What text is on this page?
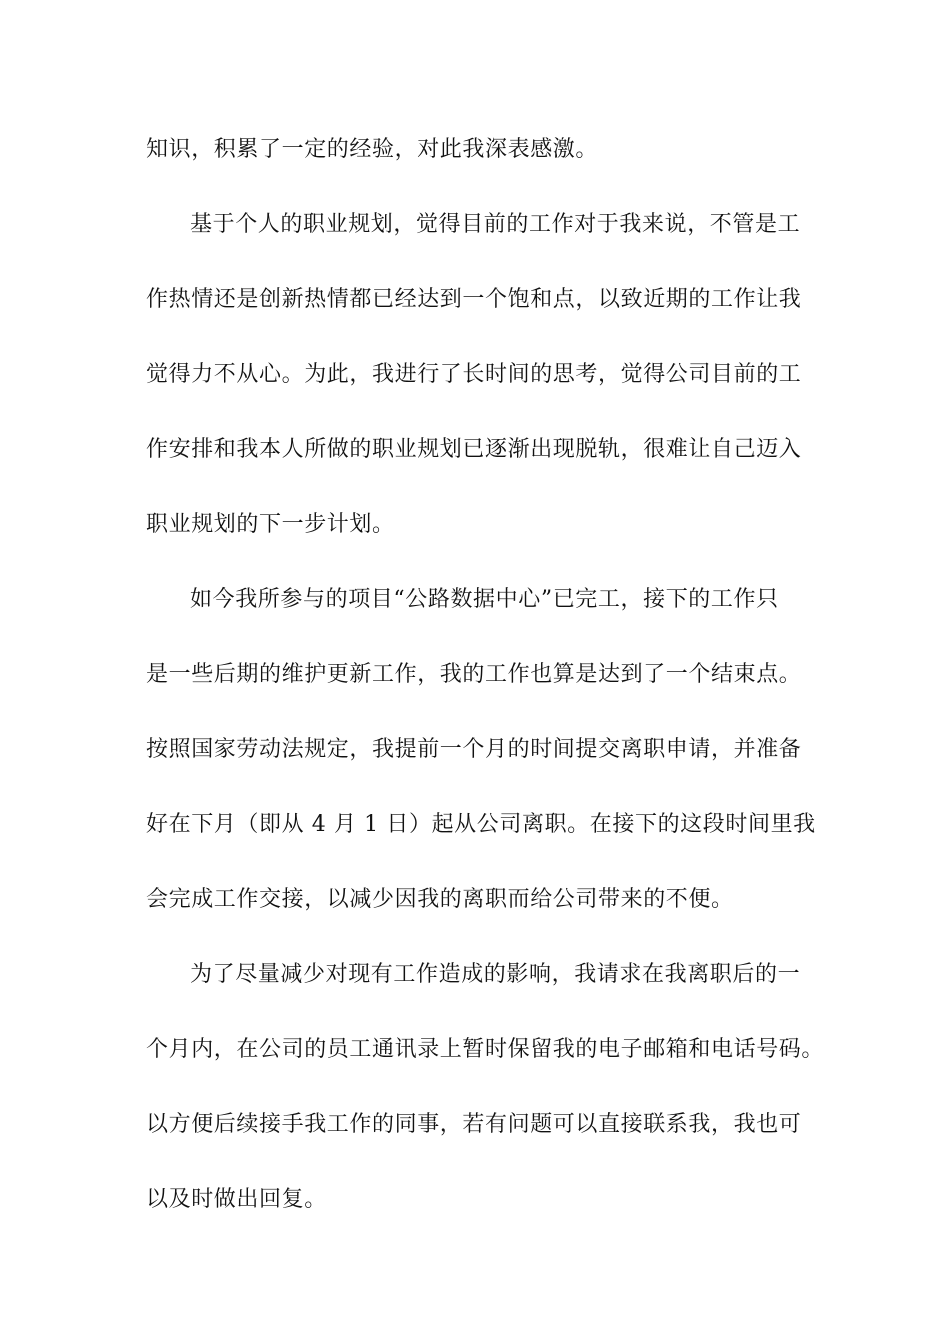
知识，积累了一定的经验，对此我深表感激。
基于个人的职业规划，觉得目前的工作对于我来说，不管是工
作热情还是创新热情都已经达到一个饱和点，以致近期的工作让我
觉得力不从心。为此，我进行了长时间的思考，觉得公司目前的工
作安排和我本人所做的职业规划已逐渐出现脱轨，很难让自己迈入
职业规划的下一步计划。
如今我所参与的项目“公路数据中心”已完工，接下的工作只
是一些后期的维护更新工作，我的工作也算是达到了一个结束点。
按照国家劳动法规定，我提前一个月的时间提交离职申请，并准备
好在下月（即从 4 月 1 日）起从公司离职。在接下的这段时间里我
会完成工作交接，以减少因我的离职而给公司带来的不便。
为了尽量减少对现有工作造成的影响，我请求在我离职后的一
个月内，在公司的员工通讯录上暂时保留我的电子邮箱和电话号码。
以方便后续接手我工作的同事，若有问题可以直接联系我，我也可
以及时做出回复。
